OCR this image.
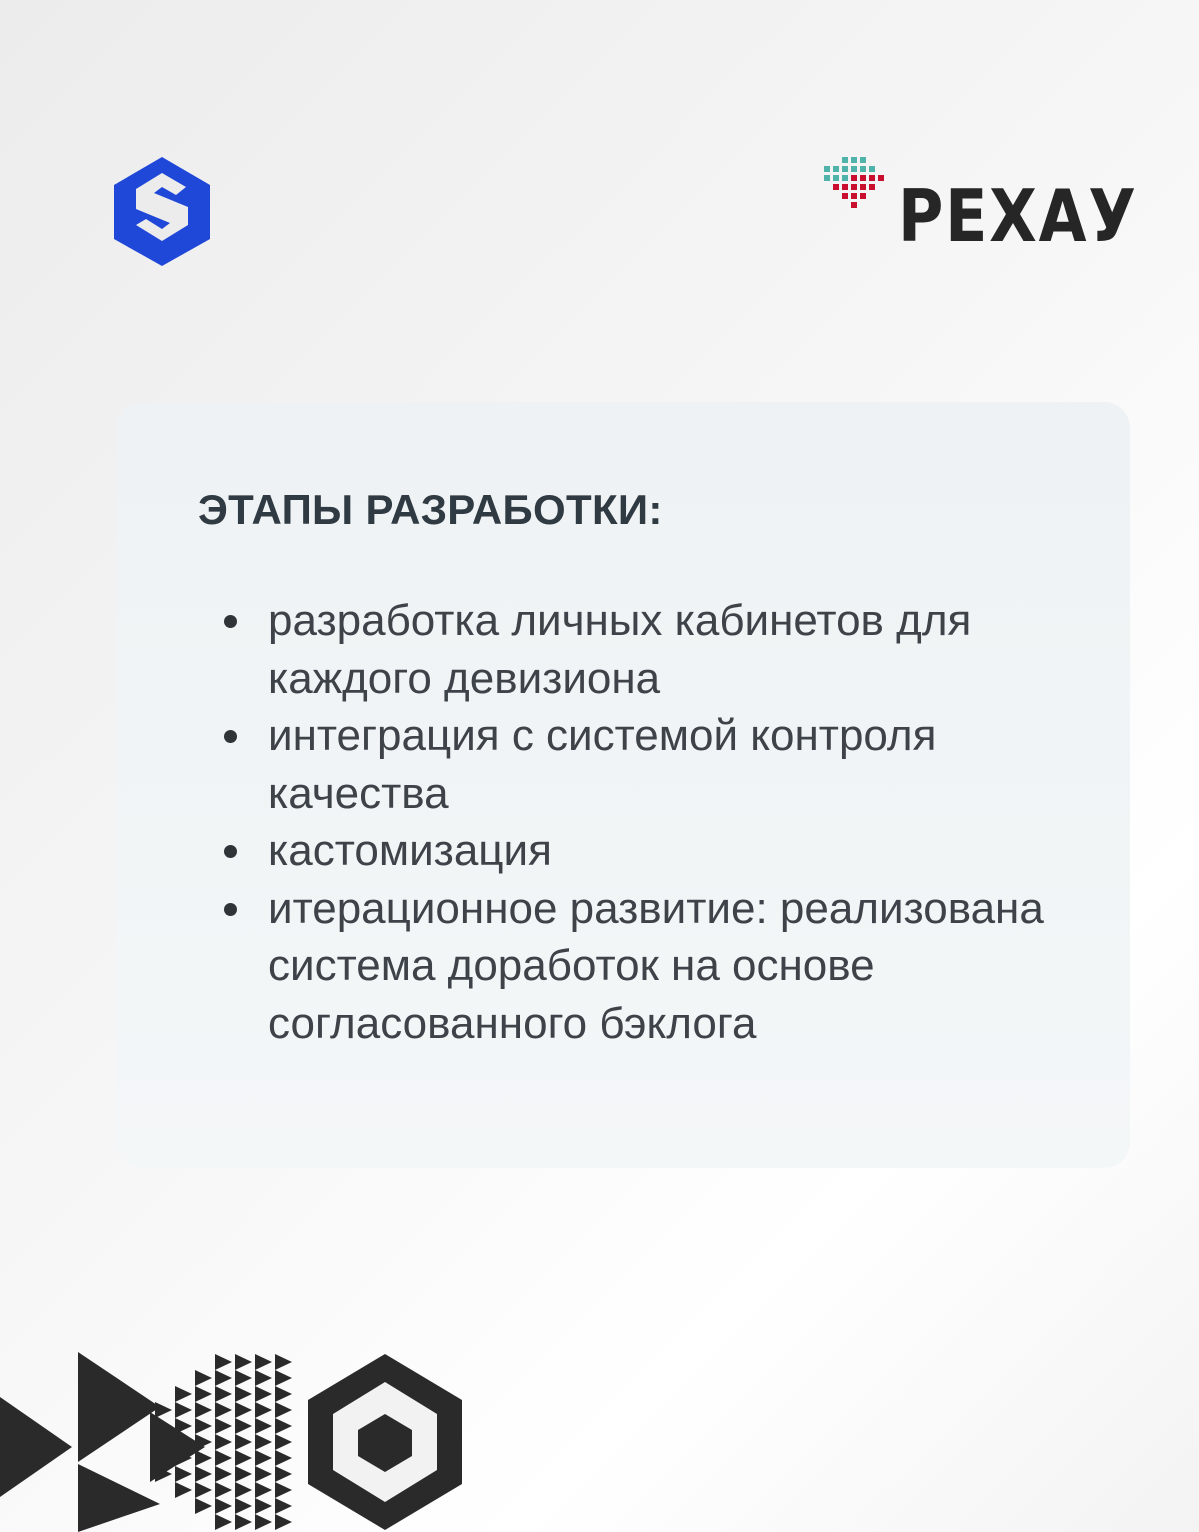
РЕХАУ
ЭТАПЫ РАЗРАБОТКИ:
разработка личных кабинетов для каждого девизиона
интеграция с системой контроля качества
кастомизация
итерационное развитие: реализована система доработок на основе согласованного бэклога
